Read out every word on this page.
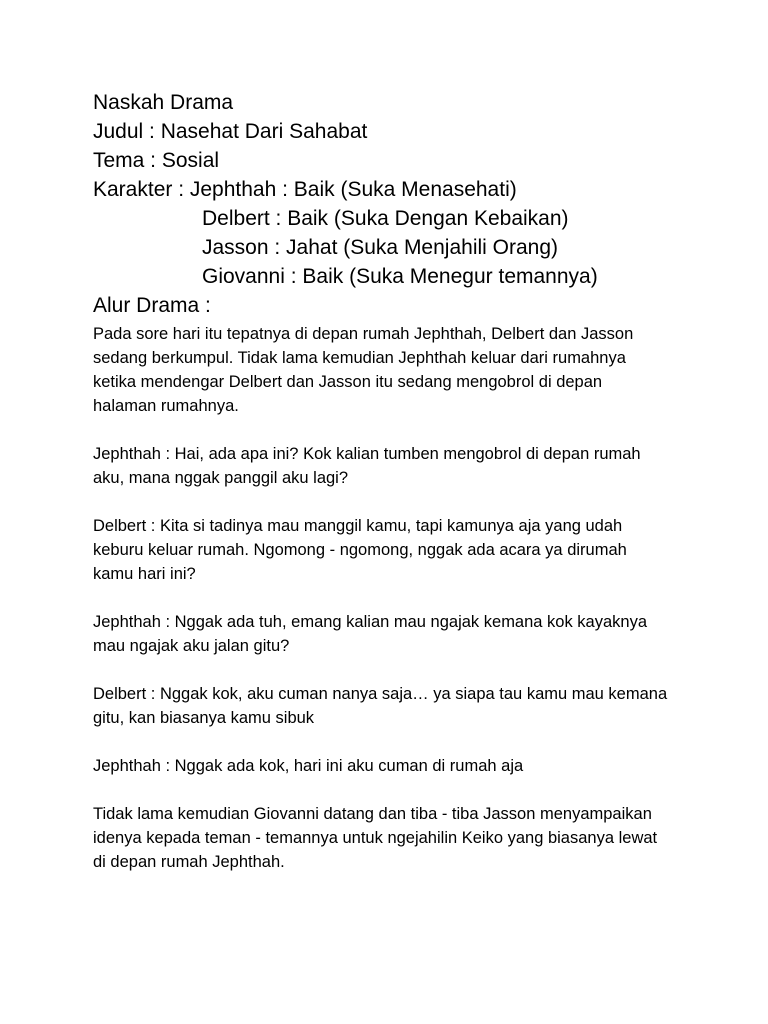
Naskah Drama
Judul : Nasehat Dari Sahabat
Tema : Sosial
Karakter : Jephthah : Baik (Suka Menasehati)
Delbert : Baik (Suka Dengan Kebaikan)
Jasson : Jahat (Suka Menjahili Orang)
Giovanni : Baik (Suka Menegur temannya)
Alur Drama :

Pada sore hari itu tepatnya di depan rumah Jephthah, Delbert dan Jasson sedang berkumpul. Tidak lama kemudian Jephthah keluar dari rumahnya ketika mendengar Delbert dan Jasson itu sedang mengobrol di depan halaman rumahnya.

Jephthah : Hai, ada apa ini? Kok kalian tumben mengobrol di depan rumah aku, mana nggak panggil aku lagi?

Delbert : Kita si tadinya mau manggil kamu, tapi kamunya aja yang udah keburu keluar rumah. Ngomong - ngomong, nggak ada acara ya dirumah kamu hari ini?

Jephthah : Nggak ada tuh, emang kalian mau ngajak kemana kok kayaknya mau ngajak aku jalan gitu?

Delbert : Nggak kok, aku cuman nanya saja… ya siapa tau kamu mau kemana gitu, kan biasanya kamu sibuk

Jephthah : Nggak ada kok, hari ini aku cuman di rumah aja

Tidak lama kemudian Giovanni datang dan tiba - tiba Jasson menyampaikan idenya kepada teman - temannya untuk ngejahilin Keiko yang biasanya lewat di depan rumah Jephthah.
